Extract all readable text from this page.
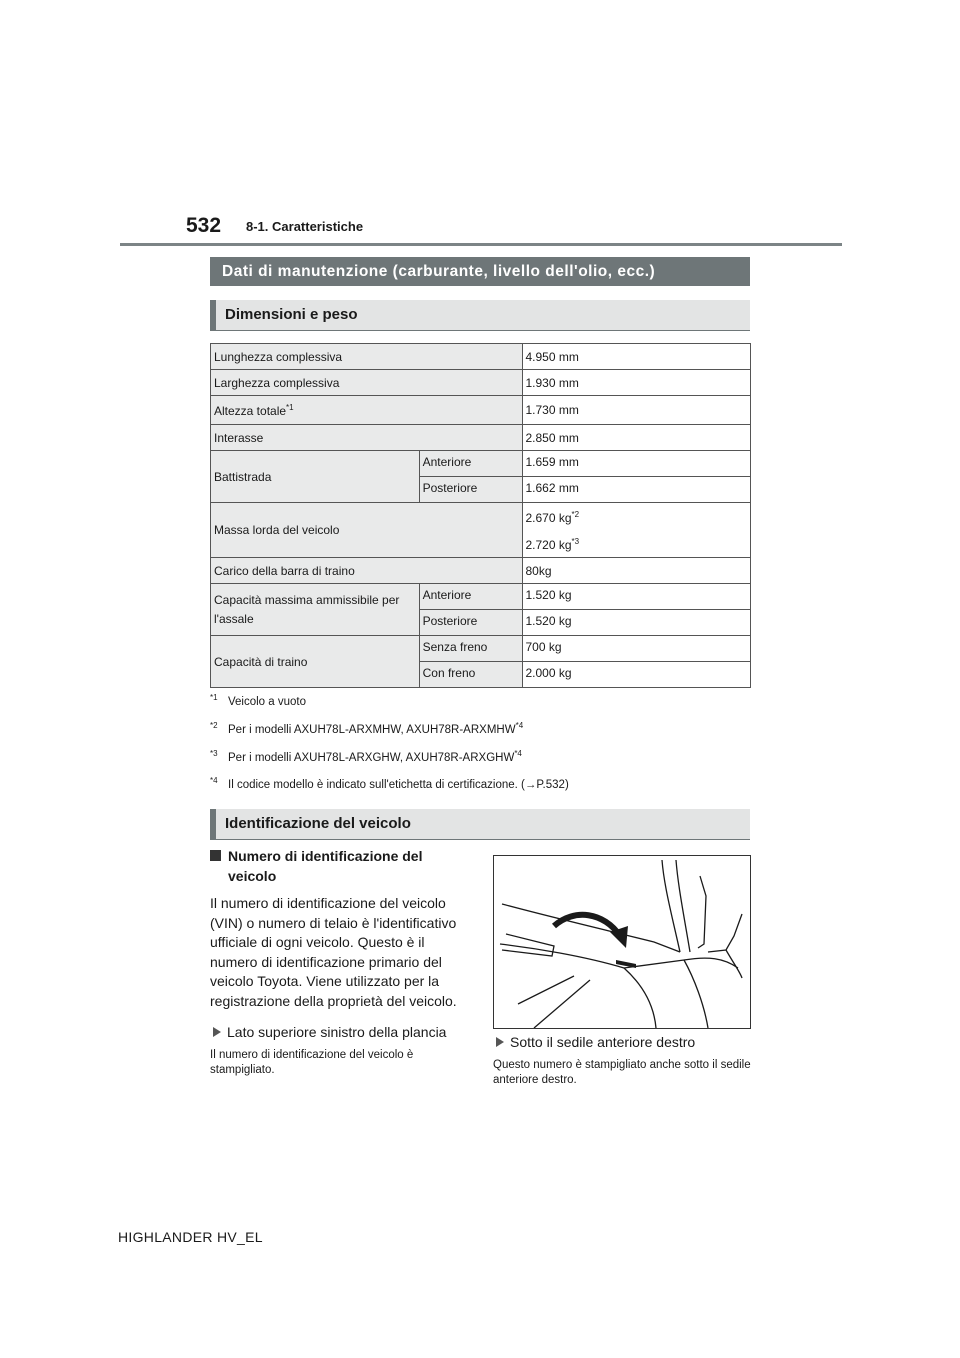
532 8-1. Caratteristiche
Dati di manutenzione (carburante, livello dell'olio, ecc.)
Dimensioni e peso
Lunghezza complessiva		4.950 mm
Larghezza complessiva		1.930 mm
Altezza totale$^{*1}$		1.730 mm
Interasse		2.850 mm
Battistrada	Anteriore	1.659 mm
	Posteriore	1.662 mm
Massa lorda del veicolo		2.670 $kg^{*2}$
2.720 $kg^{*3}$

Carico della barra di traino		80kg
Capacità massima ammissibile per l'assale	Anteriore	1.520 kg
	Posteriore	1.520 kg
Capacità di traino	Senza freno	700 kg
	Con freno	2.000 kg
$^{*1}$ Veicolo a vuoto
$^{*2}$ Per i modelli AXUH78L-ARXMHW, AXUH78R-ARXMHW$^{*4}$
$^{*3}$ Per i modelli AXUH78L-ARXGHW, AXUH78R-ARXGHW$^{*4}$
$^{*4}$ Il codice modello è indicato sull'etichetta di certificazione. (→P.532)
Identificazione del veicolo
Numero di identificazione del veicolo
Il numero di identificazione del veicolo (VIN) o numero di telaio è l'identificativo ufficiale di ogni veicolo. Questo è il numero di identificazione primario del veicolo Toyota. Viene utilizzato per la registrazione della proprietà del veicolo.
Lato superiore sinistro della plancia
Il numero di identificazione del veicolo è stampigliato.
Sotto il sedile anteriore destro
Questo numero è stampigliato anche sotto il sedile anteriore destro.
HIGHLANDER HV_EL
